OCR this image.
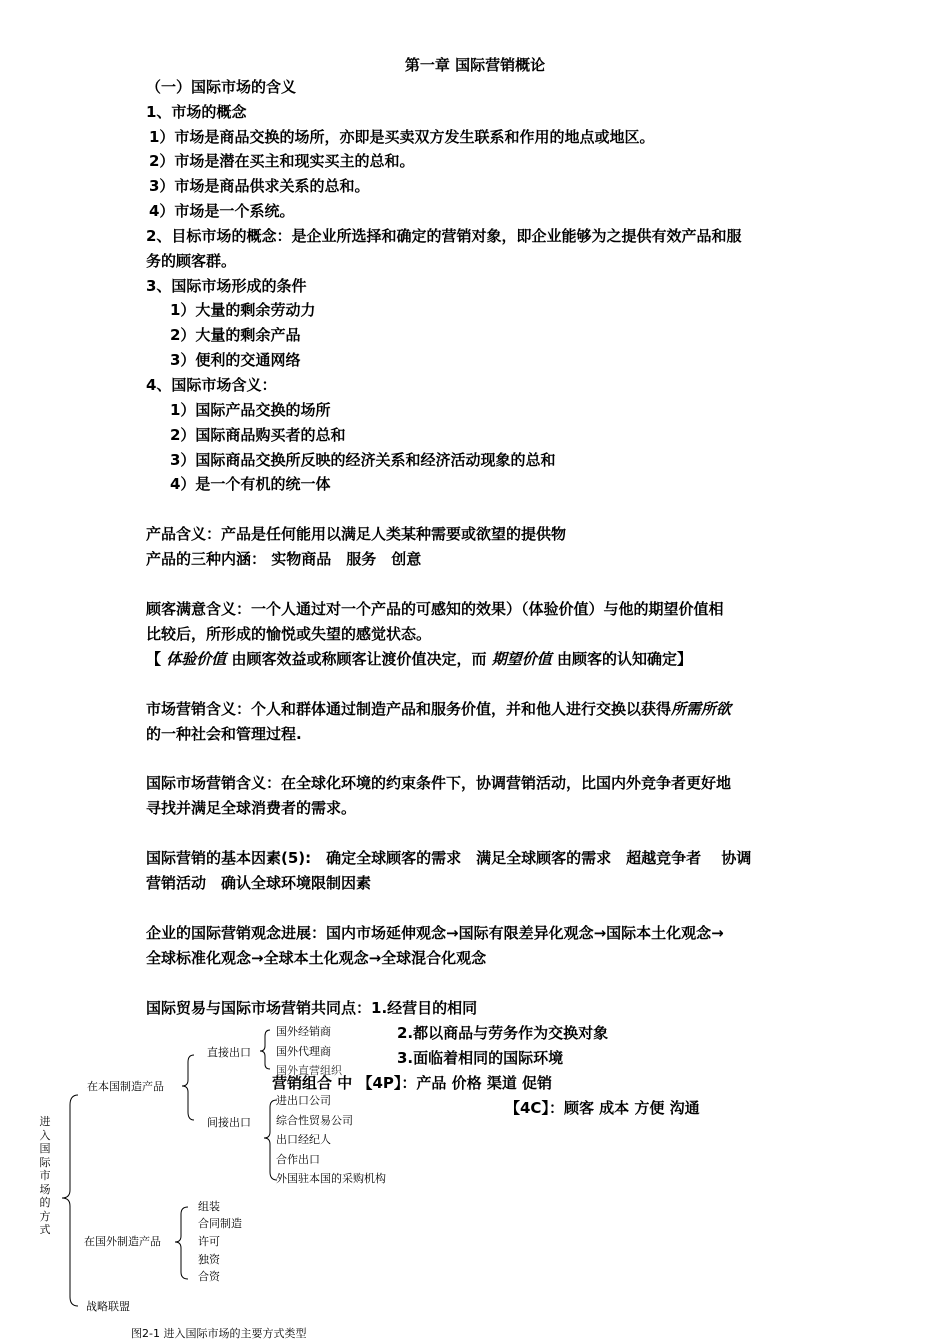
第一章 国际营销概论
（一）国际市场的含义
1、市场的概念
1）市场是商品交换的场所，亦即是买卖双方发生联系和作用的地点或地区。
2）市场是潜在买主和现实买主的总和。
3）市场是商品供求关系的总和。
4）市场是一个系统。
2、目标市场的概念：是企业所选择和确定的营销对象，即企业能够为之提供有效产品和服
务的顾客群。
3、国际市场形成的条件
1）大量的剩余劳动力
2）大量的剩余产品
3）便利的交通网络
4、国际市场含义：
1）国际产品交换的场所
2）国际商品购买者的总和
3）国际商品交换所反映的经济关系和经济活动现象的总和
4）是一个有机的统一体
产品含义：产品是任何能用以满足人类某种需要或欲望的提供物
产品的三种内涵： 实物商品　服务　创意
顾客满意含义：一个人通过对一个产品的可感知的效果）（体验价值）与他的期望价值相
比较后，所形成的愉悦或失望的感觉状态。
【 体验价值 由顾客效益或称顾客让渡价值决定，而 期望价值 由顾客的认知确定】
市场营销含义：个人和群体通过制造产品和服务价值，并和他人进行交换以获得所需所欲
的一种社会和管理过程.
国际市场营销含义：在全球化环境的约束条件下，协调营销活动，比国内外竞争者更好地
寻找并满足全球消费者的需求。
国际营销的基本因素(5):　确定全球顾客的需求　满足全球顾客的需求　超越竞争者　 协调
营销活动　确认全球环境限制因素
企业的国际营销观念进展：国内市场延伸观念→国际有限差异化观念→国际本土化观念→
全球标准化观念→全球本土化观念→全球混合化观念
国际贸易与国际市场营销共同点：1.经营目的相同
2.都以商品与劳务作为交换对象
3.面临着相同的国际环境
营销组合 中 【4P】：产品 价格 渠道 促销
【4C】：顾客 成本 方便 沟通
进入国际市场的方式
在本国制造产品
直接出口
国外经销商
国外代理商
国外直营组织
间接出口
进出口公司
综合性贸易公司
出口经纪人
合作出口
外国驻本国的采购机构
在国外制造产品
组装
合同制造
许可
独资
合资
战略联盟
图2-1 进入国际市场的主要方式类型
